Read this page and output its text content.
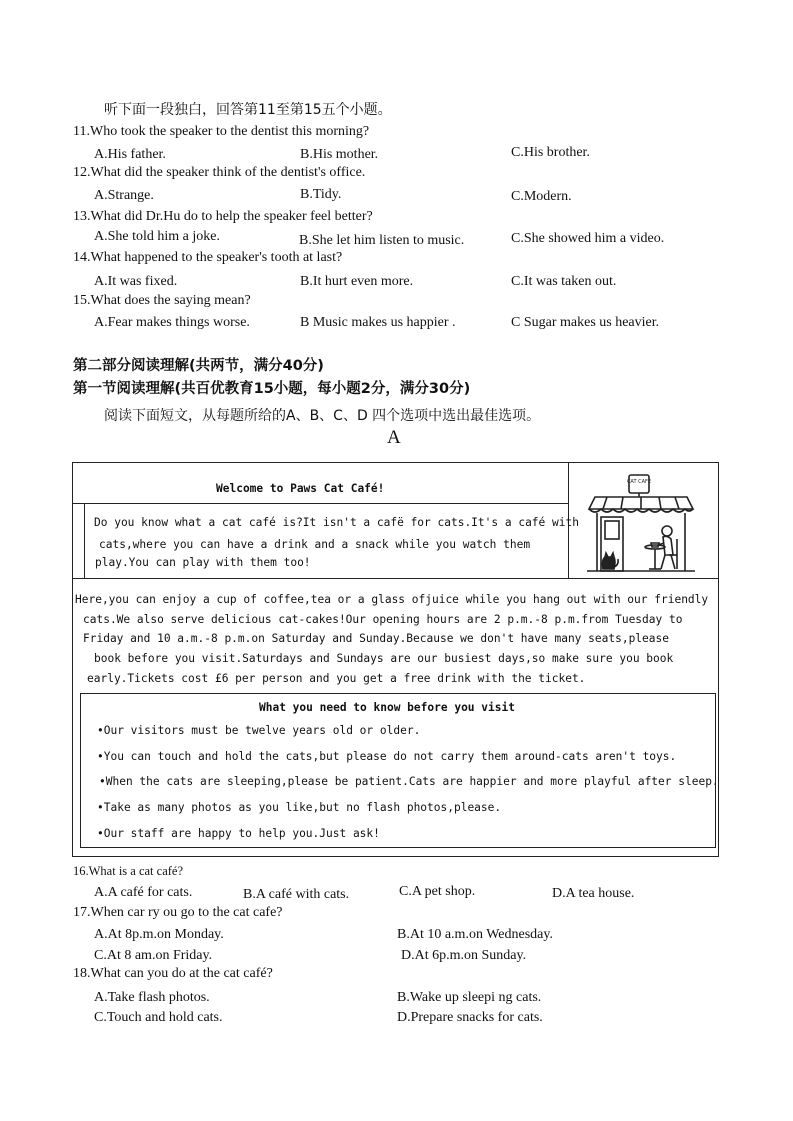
听下面一段独白，回答第11至第15五个小题。
11.Who took the speaker to the dentist this morning?
A.His father.	B.His mother.	C.His brother.
12.What did the speaker think of the dentist's office.
A.Strange.	B.Tidy.	C.Modern.
13.What did Dr.Hu do to help the speaker feel better?
A.She told him a joke.	B.She let him listen to music.	C.She showed him a video.
14.What happened to the speaker's tooth at last?
A.It was fixed.	B.It hurt even more.	C.It was taken out.
15.What does the saying mean?
A.Fear makes things worse.	B Music makes us happier .	C Sugar makes us heavier.
第二部分阅读理解(共两节，满分40分)
第一节阅读理解(共百优教育15小题，每小题2分，满分30分)
阅读下面短文，从每题所给的A、B、C、D 四个选项中选出最佳选项。
A
Welcome to Paws Cat Café!
Do you know what a cat café is?It isn't a cafë for cats.It's a café with
cats,where you can have a drink and a snack while you watch them
play.You can play with them too!
CAT CAFE
Here,you can enjoy a cup of coffee,tea or a glass ofjuice while you hang out with our friendly
cats.We also serve delicious cat-cakes!Our opening hours are 2 p.m.-8 p.m.from Tuesday to
Friday and 10 a.m.-8 p.m.on Saturday and Sunday.Because we don't have many seats,please
book before you visit.Saturdays and Sundays are our busiest days,so make sure you book
early.Tickets cost £6 per person and you get a free drink with the ticket.
What you need to know before you visit
•Our visitors must be twelve years old or older.
•You can touch and hold the cats,but please do not carry them around-cats aren't toys.
•When the cats are sleeping,please be patient.Cats are happier and more playful after sleep.
•Take as many photos as you like,but no flash photos,please.
•Our staff are happy to help you.Just ask!
16.What is a cat café?
A.A café for cats.	B.A café with cats.	C.A pet shop.	D.A tea house.
17.When car ry ou go to the cat cafe?
A.At 8p.m.on Monday.	B.At 10 a.m.on Wednesday.
C.At 8 am.on Friday.	D.At 6p.m.on Sunday.
18.What can you do at the cat café?
A.Take flash photos.	B.Wake up sleepi ng cats.
C.Touch and hold cats.	D.Prepare snacks for cats.
